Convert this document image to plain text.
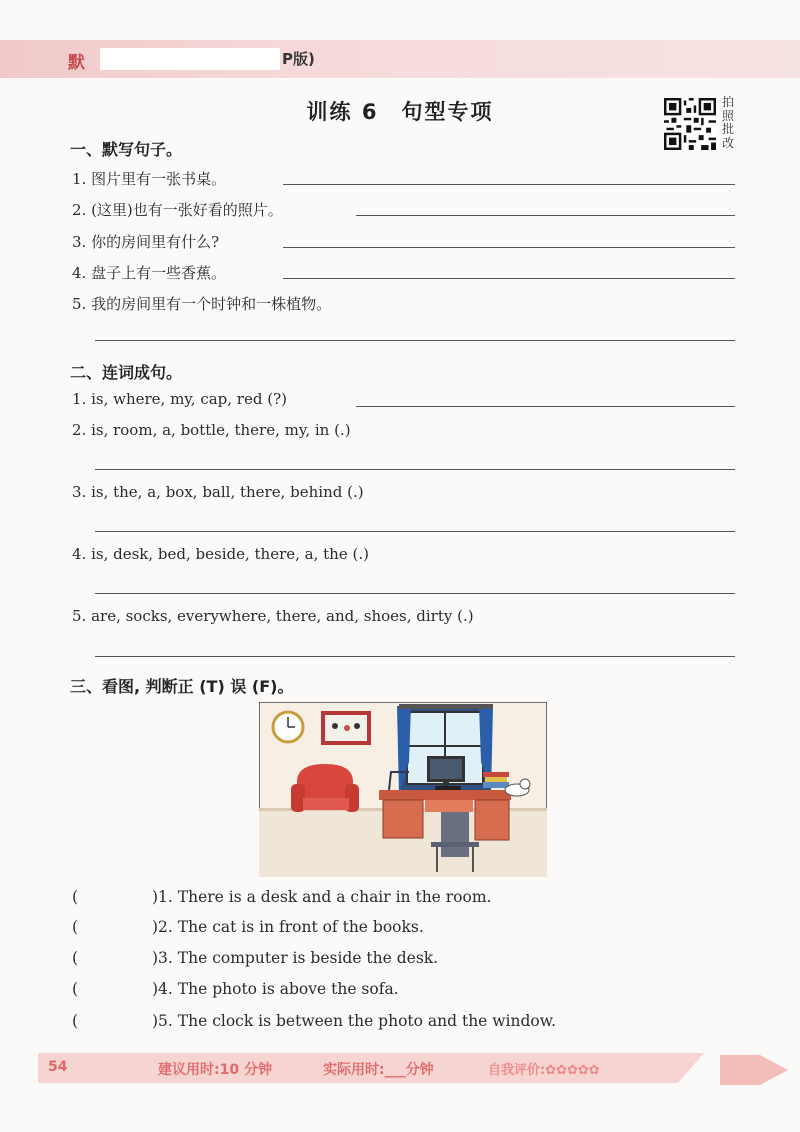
默	P版)
训练 6　句型专项	拍
照
批
改
一、默写句子。
1. 图片里有一张书桌。
2. (这里)也有一张好看的照片。
3. 你的房间里有什么?
4. 盘子上有一些香蕉。
5. 我的房间里有一个时钟和一株植物。
二、连词成句。
1. is, where, my, cap, red (?)
2. is, room, a, bottle, there, my, in (.)
3. is, the, a, box, ball, there, behind (.)
4. is, desk, bed, beside, there, a, the (.)
5. are, socks, everywhere, there, and, shoes, dirty (.)
三、看图, 判断正 (T) 误 (F)。
(	)1. There is a desk and a chair in the room.
(	)2. The cat is in front of the books.
(	)3. The computer is beside the desk.
(	)4. The photo is above the sofa.
(	)5. The clock is between the photo and the window.
54	建议用时:10 分钟	实际用时:___分钟	自我评价:✿✿✿✿✿
